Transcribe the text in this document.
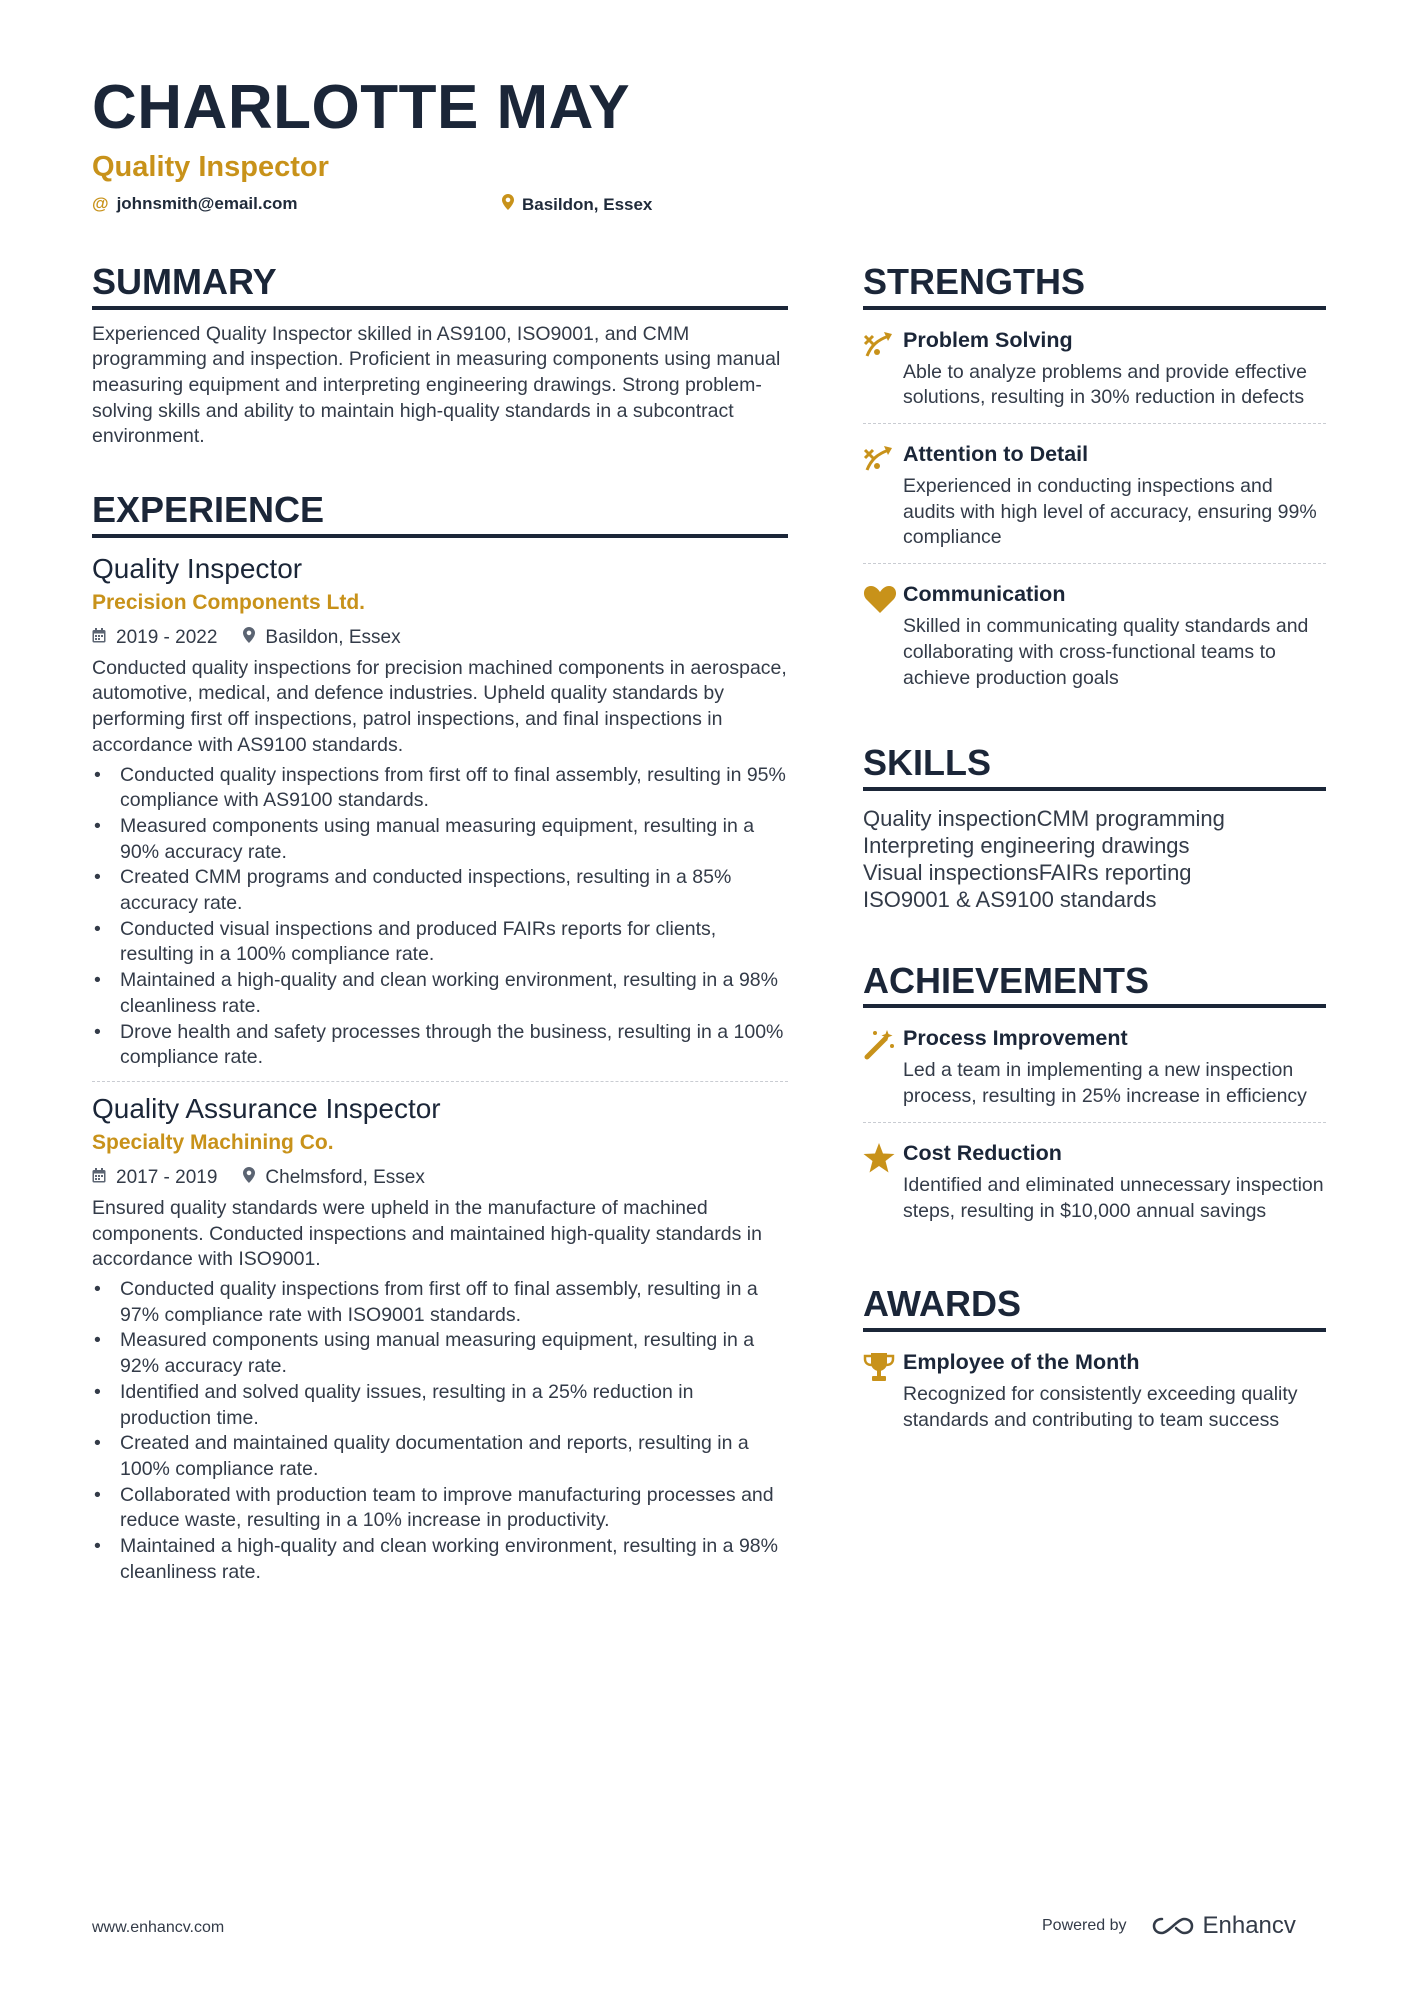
CHARLOTTE MAY
Quality Inspector
@ johnsmith@email.com	Basildon, Essex
SUMMARY
Experienced Quality Inspector skilled in AS9100, ISO9001, and CMM programming and inspection. Proficient in measuring components using manual measuring equipment and interpreting engineering drawings. Strong problem-solving skills and ability to maintain high-quality standards in a subcontract environment.
EXPERIENCE
Quality Inspector
Precision Components Ltd.
2019 - 2022	Basildon, Essex
Conducted quality inspections for precision machined components in aerospace, automotive, medical, and defence industries. Upheld quality standards by performing first off inspections, patrol inspections, and final inspections in accordance with AS9100 standards.
• Conducted quality inspections from first off to final assembly, resulting in 95% compliance with AS9100 standards.
• Measured components using manual measuring equipment, resulting in a 90% accuracy rate.
• Created CMM programs and conducted inspections, resulting in a 85% accuracy rate.
• Conducted visual inspections and produced FAIRs reports for clients, resulting in a 100% compliance rate.
• Maintained a high-quality and clean working environment, resulting in a 98% cleanliness rate.
• Drove health and safety processes through the business, resulting in a 100% compliance rate.
Quality Assurance Inspector
Specialty Machining Co.
2017 - 2019	Chelmsford, Essex
Ensured quality standards were upheld in the manufacture of machined components. Conducted inspections and maintained high-quality standards in accordance with ISO9001.
• Conducted quality inspections from first off to final assembly, resulting in a 97% compliance rate with ISO9001 standards.
• Measured components using manual measuring equipment, resulting in a 92% accuracy rate.
• Identified and solved quality issues, resulting in a 25% reduction in production time.
• Created and maintained quality documentation and reports, resulting in a 100% compliance rate.
• Collaborated with production team to improve manufacturing processes and reduce waste, resulting in a 10% increase in productivity.
• Maintained a high-quality and clean working environment, resulting in a 98% cleanliness rate.
STRENGTHS
Problem Solving
Able to analyze problems and provide effective solutions, resulting in 30% reduction in defects
Attention to Detail
Experienced in conducting inspections and audits with high level of accuracy, ensuring 99% compliance
Communication
Skilled in communicating quality standards and collaborating with cross-functional teams to achieve production goals
SKILLS
Quality inspectionCMM programming
Interpreting engineering drawings
Visual inspectionsFAIRs reporting
ISO9001 & AS9100 standards
ACHIEVEMENTS
Process Improvement
Led a team in implementing a new inspection process, resulting in 25% increase in efficiency
Cost Reduction
Identified and eliminated unnecessary inspection steps, resulting in $10,000 annual savings
AWARDS
Employee of the Month
Recognized for consistently exceeding quality standards and contributing to team success
www.enhancv.com	Powered by	Enhancv
